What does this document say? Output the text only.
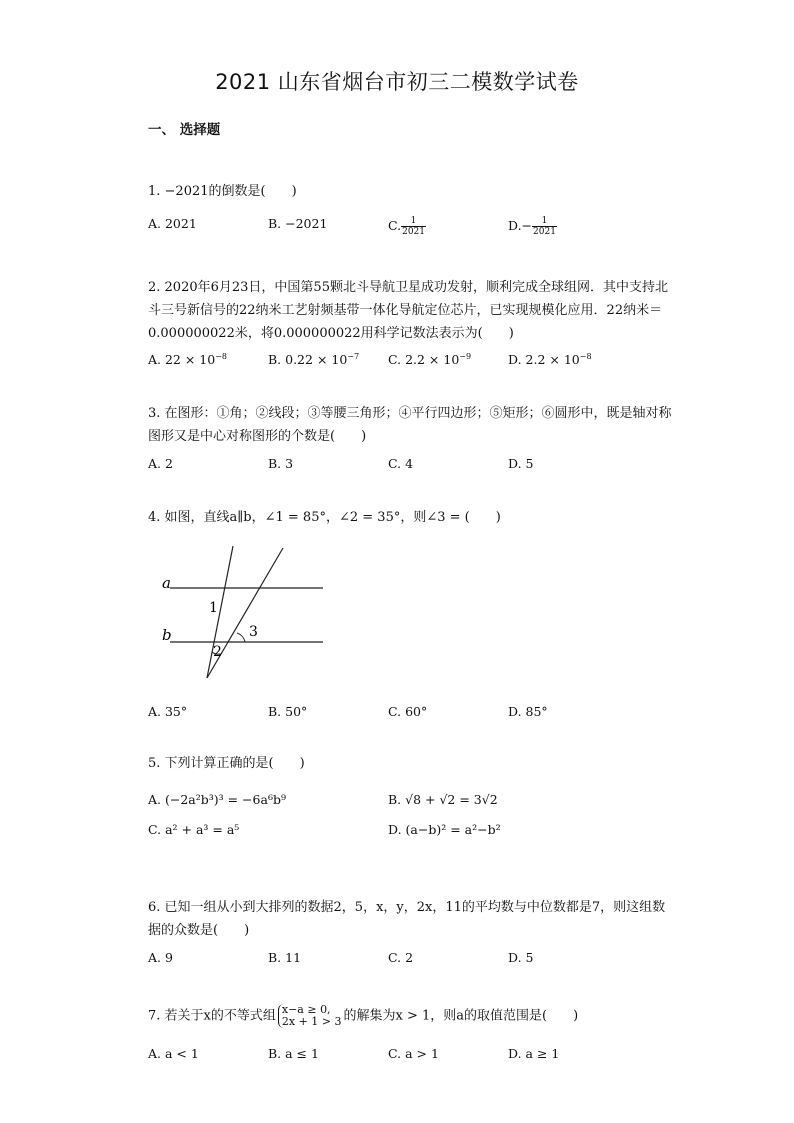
2021 山东省烟台市初三二模数学试卷
一、 选择题
1. −2021的倒数是(　　)
A. 2021	B. −2021	C. $\frac{1}{2021}$	$D.- \frac{1}{2021}$
2. 2020年6月23日，中国第55颗北斗导航卫星成功发射，顺利完成全球组网．其中支持北斗三号新信号的22纳米工艺射频基带一体化导航定位芯片，已实现规模化应用．22纳米＝0.000000022米，将0.000000022用科学记数法表示为(　　)
A. $22 \times 10^{-8}$	B. $0.22 \times 10^{-7}$ C. $2.2 \times 10^{-9}$	D. $2.2 \times 10^{-8}$
3. 在图形：①角；②线段；③等腰三角形；④平行四边形；⑤矩形；⑥圆形中，既是轴对称图形又是中心对称图形的个数是(　　)
A. 2	B. 3	C. 4	D. 5
4. 如图，直线a∥b，∠1 = 85°，∠2 = 35°，则∠3 = (　　)
a
b
1
2
3
A. 35°	B. 50°	C. 60°	D. 85°
5. 下列计算正确的是(　　)
A. (−2a²b³)³ = −6a⁶b⁹	B. √8 + √2 = 3√2
C. a² + a³ = a⁵	D. (a−b)² = a²−b²
6. 已知一组从小到大排列的数据2，5，x，y，2x，11的平均数与中位数都是7，则这组数据的众数是(　　)
A. 9	B. 11	C. 2	D. 5
7. 若关于x的不等式组 x−a ≥ 0,
2x + 1 > 3 的解集为x > 1，则a的取值范围是(　　)
A. a < 1	B. a ≤ 1	C. a > 1	D. a ≥ 1
